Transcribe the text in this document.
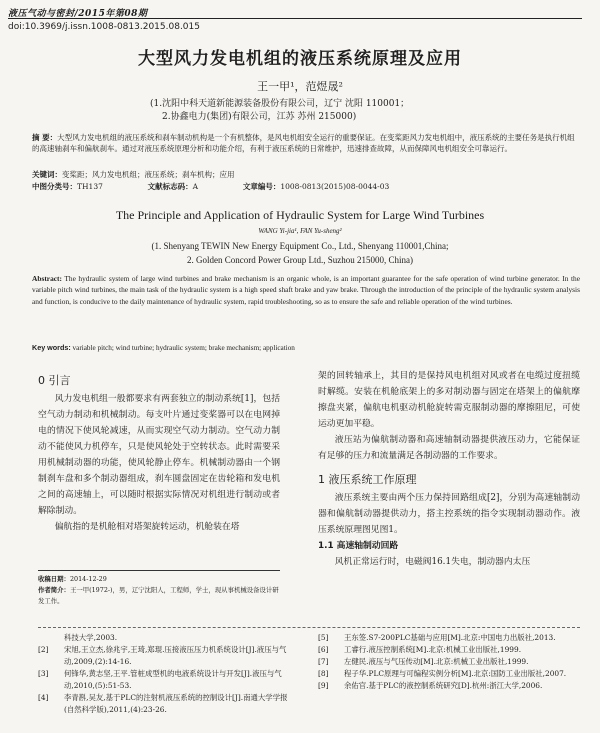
液压气动与密封/2015年第08期
doi:10.3969/j.issn.1008-0813.2015.08.015
大型风力发电机组的液压系统原理及应用
王一甲¹，范煜晟²
(1.沈阳中科天道新能源装备股份有限公司，辽宁 沈阳 110001；
2.协鑫电力(集团)有限公司，江苏 苏州 215000)
摘 要：大型风力发电机组的液压系统和刹车制动机构是一个有机整体，是风电机组安全运行的重要保证。在变桨距风力发电机组中，液压系统的主要任务是执行机组的高速轴刹车和偏航刹车。通过对液压系统原理分析和功能介绍，有利于液压系统的日常维护，迅速排查故障，从而保障风电机组安全可靠运行。
关键词：变桨距；风力发电机组；液压系统；刹车机构；应用
中图分类号：TH137	文献标志码：A	文章编号：1008-0813(2015)08-0044-03
The Principle and Application of Hydraulic System for Large Wind Turbines
WANG Yi-jia¹, FAN Yu-sheng²
(1. Shenyang TEWIN New Energy Equipment Co., Ltd., Shenyang 110001,China;
2. Golden Concord Power Group Ltd., Suzhou 215000, China)
Abstract: The hydraulic system of large wind turbines and brake mechanism is an organic whole, is an important guarantee for the safe operation of wind turbine generator. In the variable pitch wind turbines, the main task of the hydraulic system is a high speed shaft brake and yaw brake. Through the introduction of the principle of the hydraulic system analysis and function, is conducive to the daily maintenance of hydraulic system, rapid troubleshooting, so as to ensure the safe and reliable operation of the wind turbines.
Key words: variable pitch; wind turbine; hydraulic system; brake mechanism; application
0 引言

风力发电机组一般都要求有两套独立的制动系统[1]，包括空气动力制动和机械制动。每支叶片通过变桨器可以在电网掉电的情况下使风轮减速，从而实现空气动力制动。空气动力制动不能使风力机停车，只是使风轮处于空转状态。此时需要采用机械制动器的功能，使风轮静止停车。机械制动器由一个钢制刹车盘和多个制动器组成，刹车圆盘固定在齿轮箱和发电机之间的高速轴上，可以随时根据实际情况对机组进行制动或者解除制动。

偏航指的是机舱相对塔架旋转运动，机舱装在塔

架的回转轴承上，其目的是保持风电机组对风或者在电缆过度扭缆时解缆。安装在机舱底架上的多对制动器与固定在塔架上的偏航摩擦盘夹紧，偏航电机驱动机舱旋转需克服制动器的摩擦阻尼，可使运动更加平稳。

液压站为偏航制动器和高速轴制动器提供液压动力，它能保证有足够的压力和流量满足各制动器的工作要求。

1 液压系统工作原理

液压系统主要由两个压力保持回路组成[2]，分别为高速轴制动器和偏航制动器提供动力，搭主控系统的指令实现制动器动作。液压系统原理图见图1。

1.1 高速轴制动回路

风机正常运行时，电磁阀16.1失电，制动器内太压

收稿日期：2014-12-29
作者简介：王一甲(1972-)，男，辽宁沈阳人，工程师，学士，现从事机械设备设计研发工作。
科技大学,2003.
[2]	宋旭,王立杰,徐兆宇,王琦,郑琨.压接液压压力机系统设计[J].液压与气动,2009,(2):14-16.
[3]	何锋华,黄志坚,王平.管桩成型机的电液系统设计与开发[J].液压与气动,2010,(5):51-53.
[4]	李青斟,吴友,基于PLC的注射机液压系统的控制设计[J].南通大学学报(自然科学版),2011,(4):23-26.
[5]	王东签.S7-200PLC基础与应用[M].北京:中国电力出版社,2013.
[6]	工睿行.液压控制系统[M].北京:机械工业出版社,1999.
[7]	左健民.液压与气压传动[M].北京:机械工业出版社,1999.
[8]	程子华.PLC原理与可编程实例分析[M].北京:国防工业出版社,2007.
[9]	余佑官.基于PLC的液控制系统研究[D].杭州:浙江大学,2006.
